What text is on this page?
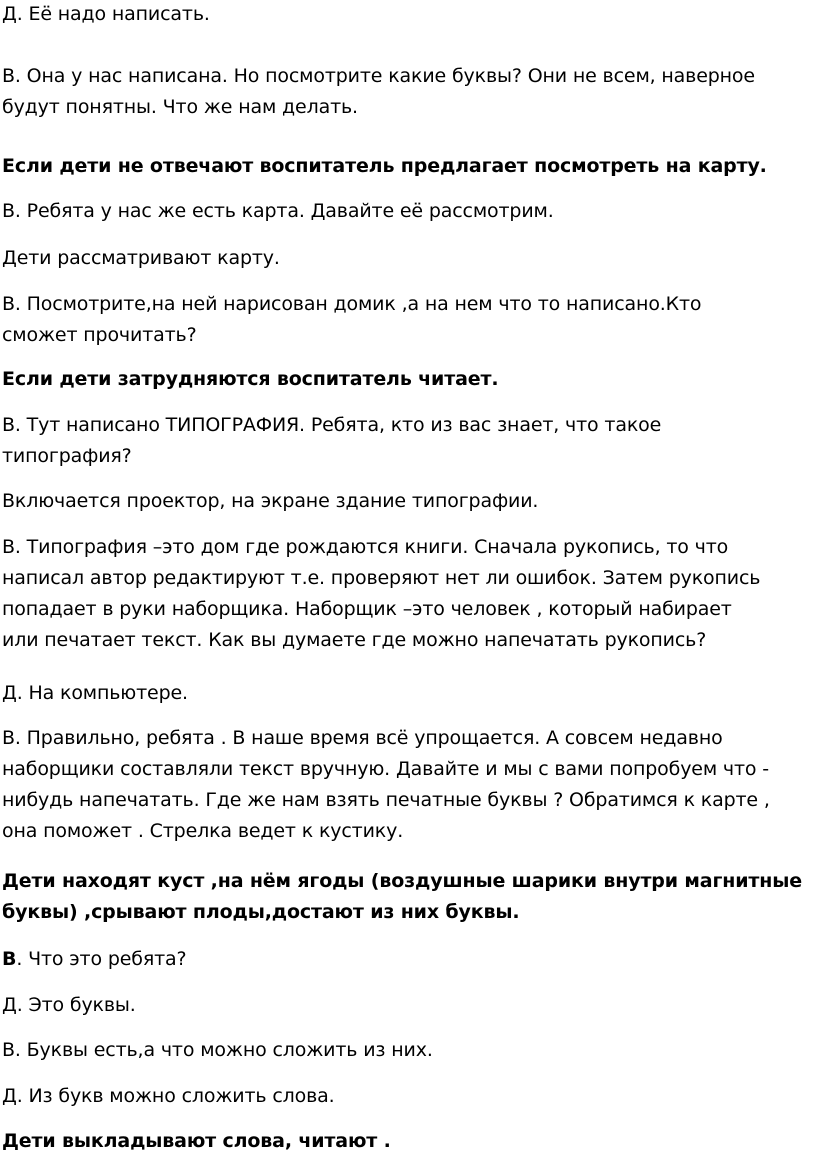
Д. Её надо написать.
В. Она у нас написана. Но посмотрите какие буквы? Они не всем, наверное
будут понятны. Что же нам делать.
Если дети не отвечают воспитатель предлагает посмотреть на карту.
В. Ребята у нас же есть карта. Давайте её рассмотрим.
Дети рассматривают карту.
В. Посмотрите,на ней нарисован домик ,а на нем что то написано.Кто
сможет прочитать?
Если дети затрудняются воспитатель читает.
В. Тут написано ТИПОГРАФИЯ. Ребята, кто из вас знает, что такое
типография?
Включается проектор, на экране здание типографии.
В. Типография –это дом где рождаются книги. Сначала рукопись, то что
написал автор редактируют т.е. проверяют нет ли ошибок. Затем рукопись
попадает в руки наборщика. Наборщик –это человек , который набирает
или печатает текст. Как вы думаете где можно напечатать рукопись?
Д. На компьютере.
В. Правильно, ребята . В наше время всё упрощается. А совсем недавно
наборщики составляли текст вручную. Давайте и мы с вами попробуем что -
нибудь напечатать. Где же нам взять печатные буквы ? Обратимся к карте ,
она поможет . Стрелка ведет к кустику.
Дети находят куст ,на нём ягоды (воздушные шарики внутри магнитные
буквы) ,срывают плоды,достают из них буквы.
В. Что это ребята?
Д. Это буквы.
В. Буквы есть,а что можно сложить из них.
Д. Из букв можно сложить слова.
Дети выкладывают слова, читают .
